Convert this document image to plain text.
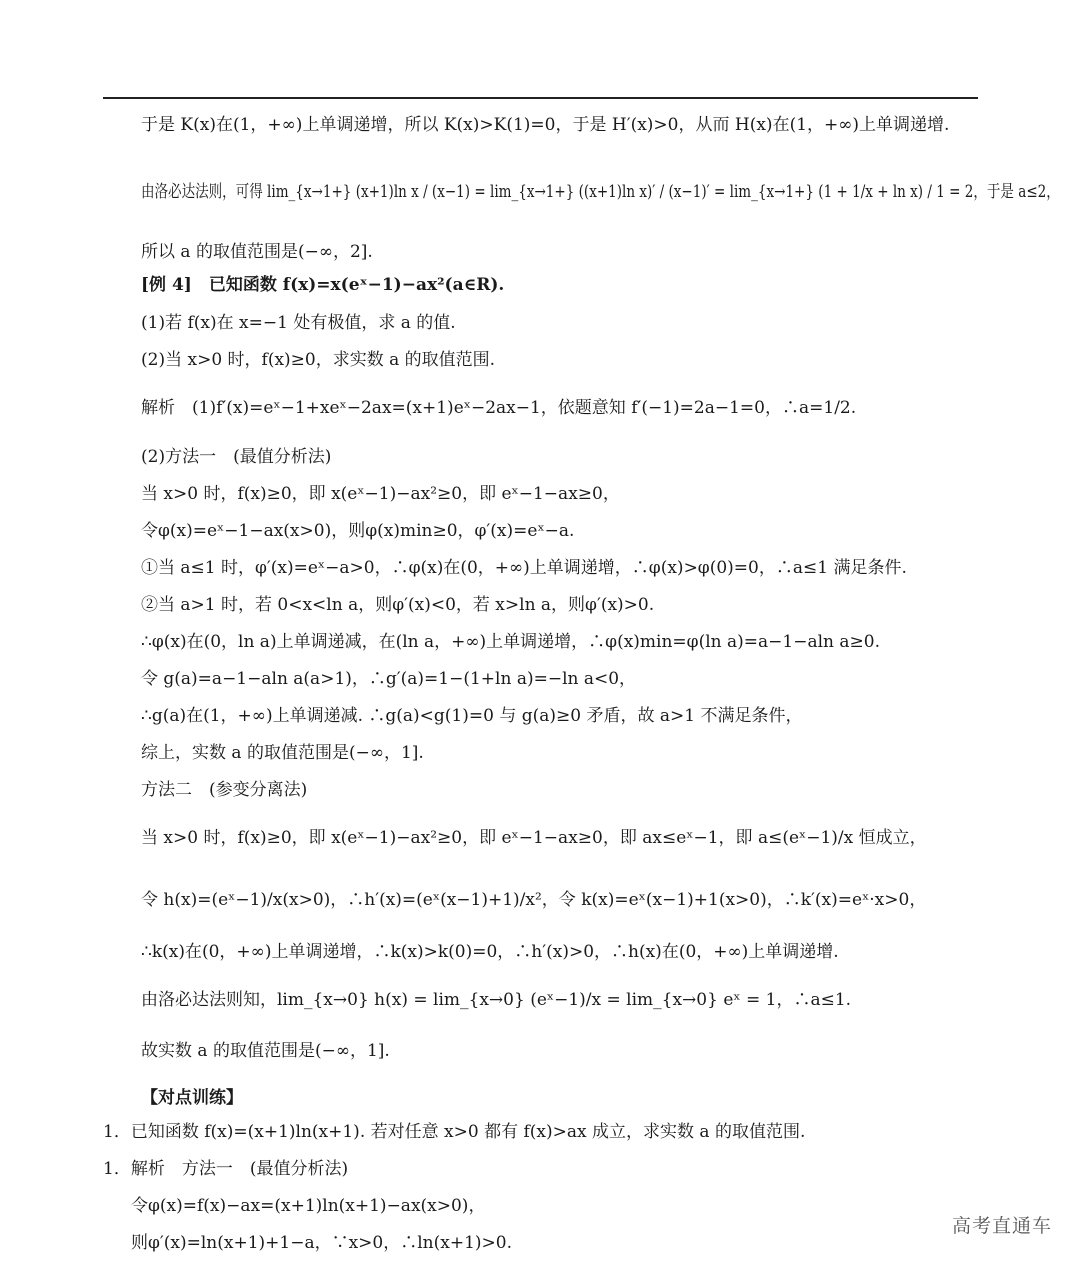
于是 K(x)在(1，+∞)上单调递增，所以 K(x)>K(1)=0，于是 H′(x)>0，从而 H(x)在(1，+∞)上单调递增.
由洛必达法则，可得 lim_{x→1+} (x+1)ln x / (x−1) = lim_{x→1+} ((x+1)ln x)′ / (x−1)′ = lim_{x→1+} (1 + 1/x + ln x) / 1 = 2，于是 a≤2，
所以 a 的取值范围是(−∞，2].
[例 4]　已知函数 f(x)=x(eˣ−1)−ax²(a∈R).
(1)若 f(x)在 x=−1 处有极值，求 a 的值.
(2)当 x>0 时，f(x)≥0，求实数 a 的取值范围.
解析　(1)f′(x)=eˣ−1+xeˣ−2ax=(x+1)eˣ−2ax−1，依题意知 f′(−1)=2a−1=0，∴a=1/2.
(2)方法一　(最值分析法)
当 x>0 时，f(x)≥0，即 x(eˣ−1)−ax²≥0，即 eˣ−1−ax≥0，
令φ(x)=eˣ−1−ax(x>0)，则φ(x)min≥0，φ′(x)=eˣ−a.
①当 a≤1 时，φ′(x)=eˣ−a>0，∴φ(x)在(0，+∞)上单调递增，∴φ(x)>φ(0)=0，∴a≤1 满足条件.
②当 a>1 时，若 0<x<ln a，则φ′(x)<0，若 x>ln a，则φ′(x)>0.
∴φ(x)在(0，ln a)上单调递减，在(ln a，+∞)上单调递增，∴φ(x)min=φ(ln a)=a−1−aln a≥0.
令 g(a)=a−1−aln a(a>1)，∴g′(a)=1−(1+ln a)=−ln a<0，
∴g(a)在(1，+∞)上单调递减. ∴g(a)<g(1)=0 与 g(a)≥0 矛盾，故 a>1 不满足条件，
综上，实数 a 的取值范围是(−∞，1].
方法二　(参变分离法)
当 x>0 时，f(x)≥0，即 x(eˣ−1)−ax²≥0，即 eˣ−1−ax≥0，即 ax≤eˣ−1，即 a≤(eˣ−1)/x 恒成立，
令 h(x)=(eˣ−1)/x(x>0)，∴h′(x)=(eˣ(x−1)+1)/x²，令 k(x)=eˣ(x−1)+1(x>0)，∴k′(x)=eˣ·x>0，
∴k(x)在(0，+∞)上单调递增，∴k(x)>k(0)=0，∴h′(x)>0，∴h(x)在(0，+∞)上单调递增.
由洛必达法则知，lim_{x→0} h(x) = lim_{x→0} (eˣ−1)/x = lim_{x→0} eˣ = 1，∴a≤1.
故实数 a 的取值范围是(−∞，1].
【对点训练】
1．已知函数 f(x)=(x+1)ln(x+1). 若对任意 x>0 都有 f(x)>ax 成立，求实数 a 的取值范围.
1．解析　方法一　(最值分析法)
令φ(x)=f(x)−ax=(x+1)ln(x+1)−ax(x>0)，
则φ′(x)=ln(x+1)+1−a，∵x>0，∴ln(x+1)>0.
高考直通车
